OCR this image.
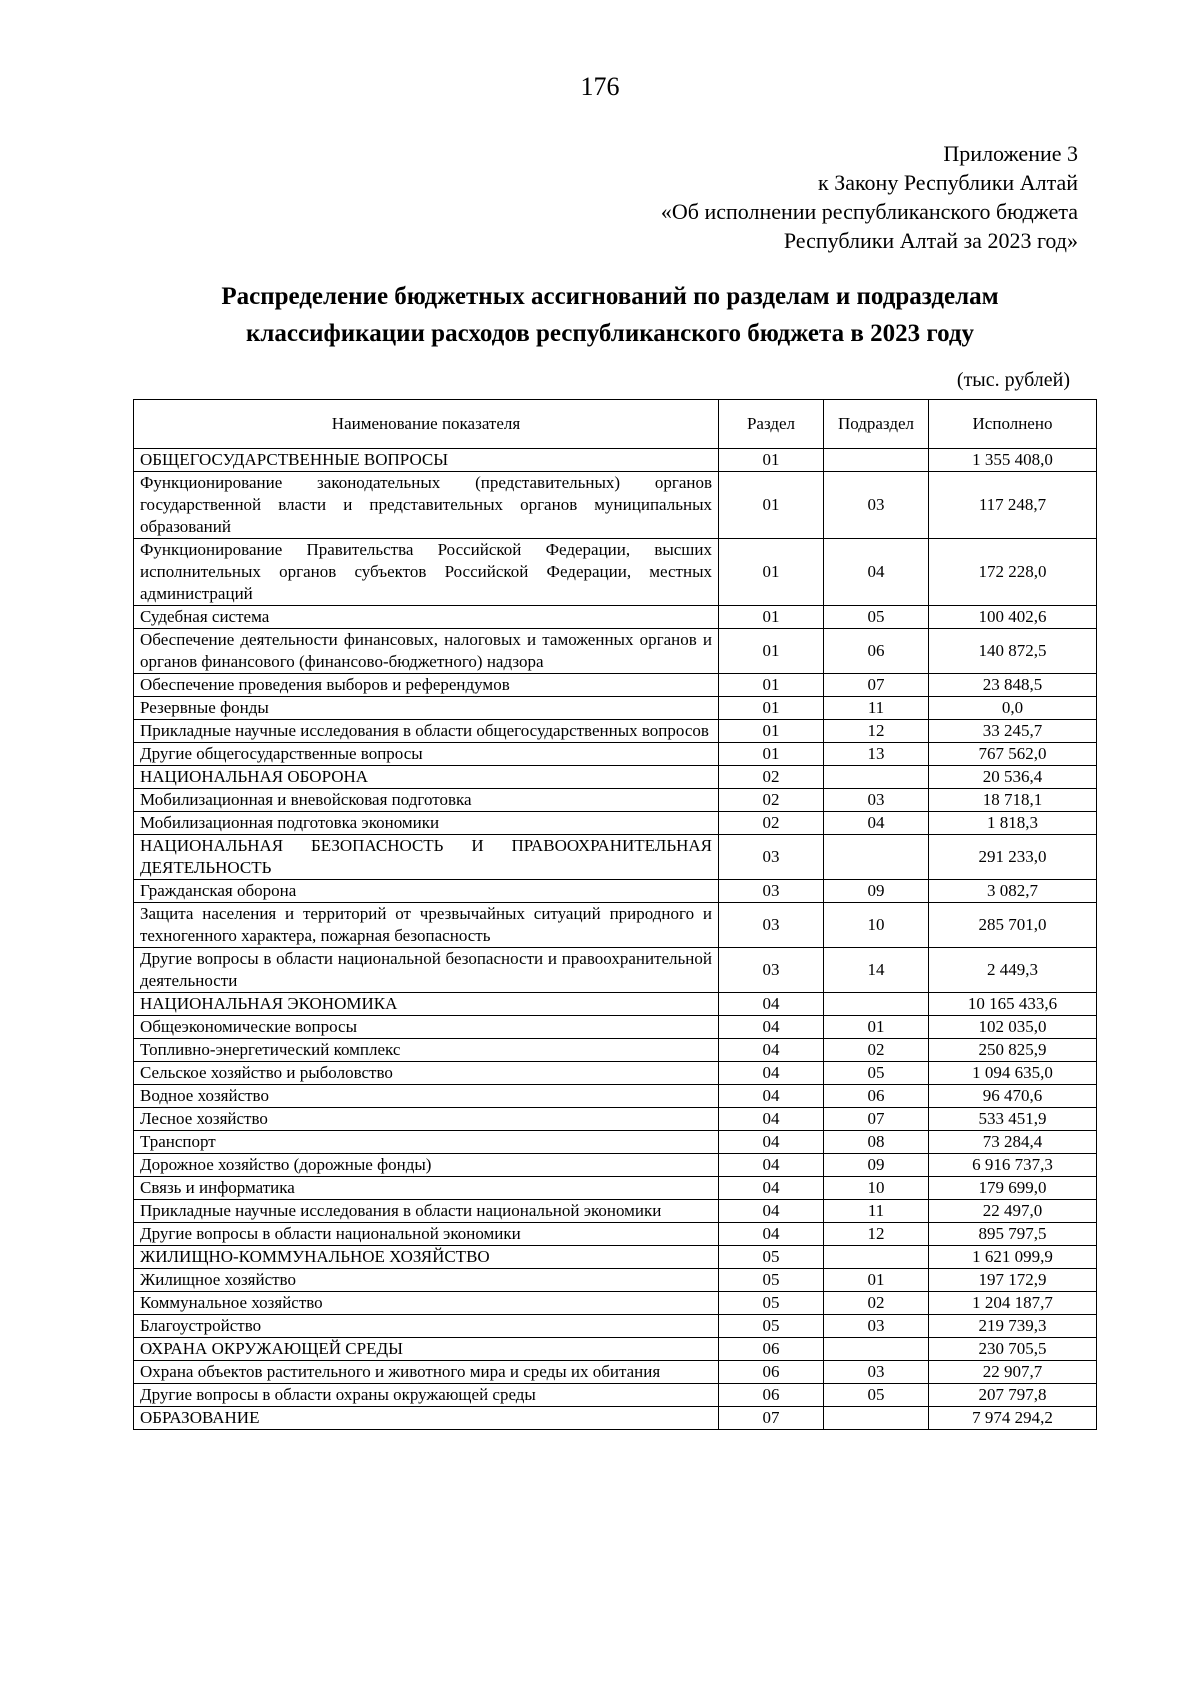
176
Приложение 3
к Закону Республики Алтай
«Об исполнении республиканского бюджета
Республики Алтай за 2023 год»
Распределение бюджетных ассигнований по разделам и подразделам
классификации расходов республиканского бюджета в 2023 году
(тыс. рублей)
Наименование показателя	Раздел	Подраздел	Исполнено
ОБЩЕГОСУДАРСТВЕННЫЕ ВОПРОСЫ	01		1 355 408,0
Функционирование законодательных (представительных) органов государственной власти и представительных органов муниципальных образований	01	03	117 248,7
Функционирование Правительства Российской Федерации, высших исполнительных органов субъектов Российской Федерации, местных администраций	01	04	172 228,0
Судебная система	01	05	100 402,6
Обеспечение деятельности финансовых, налоговых и таможенных органов и органов финансового (финансово-бюджетного) надзора	01	06	140 872,5
Обеспечение проведения выборов и референдумов	01	07	23 848,5
Резервные фонды	01	11	0,0
Прикладные научные исследования в области общегосударственных вопросов	01	12	33 245,7
Другие общегосударственные вопросы	01	13	767 562,0
НАЦИОНАЛЬНАЯ ОБОРОНА	02		20 536,4
Мобилизационная и вневойсковая подготовка	02	03	18 718,1
Мобилизационная подготовка экономики	02	04	1 818,3
НАЦИОНАЛЬНАЯ БЕЗОПАСНОСТЬ И ПРАВООХРАНИТЕЛЬНАЯ ДЕЯТЕЛЬНОСТЬ	03		291 233,0
Гражданская оборона	03	09	3 082,7
Защита населения и территорий от чрезвычайных ситуаций природного и техногенного характера, пожарная безопасность	03	10	285 701,0
Другие вопросы в области национальной безопасности и правоохранительной деятельности	03	14	2 449,3
НАЦИОНАЛЬНАЯ ЭКОНОМИКА	04		10 165 433,6
Общеэкономические вопросы	04	01	102 035,0
Топливно-энергетический комплекс	04	02	250 825,9
Сельское хозяйство и рыболовство	04	05	1 094 635,0
Водное хозяйство	04	06	96 470,6
Лесное хозяйство	04	07	533 451,9
Транспорт	04	08	73 284,4
Дорожное хозяйство (дорожные фонды)	04	09	6 916 737,3
Связь и информатика	04	10	179 699,0
Прикладные научные исследования в области национальной экономики	04	11	22 497,0
Другие вопросы в области национальной экономики	04	12	895 797,5
ЖИЛИЩНО-КОММУНАЛЬНОЕ ХОЗЯЙСТВО	05		1 621 099,9
Жилищное хозяйство	05	01	197 172,9
Коммунальное хозяйство	05	02	1 204 187,7
Благоустройство	05	03	219 739,3
ОХРАНА ОКРУЖАЮЩЕЙ СРЕДЫ	06		230 705,5
Охрана объектов растительного и животного мира и среды их обитания	06	03	22 907,7
Другие вопросы в области охраны окружающей среды	06	05	207 797,8
ОБРАЗОВАНИЕ	07		7 974 294,2
